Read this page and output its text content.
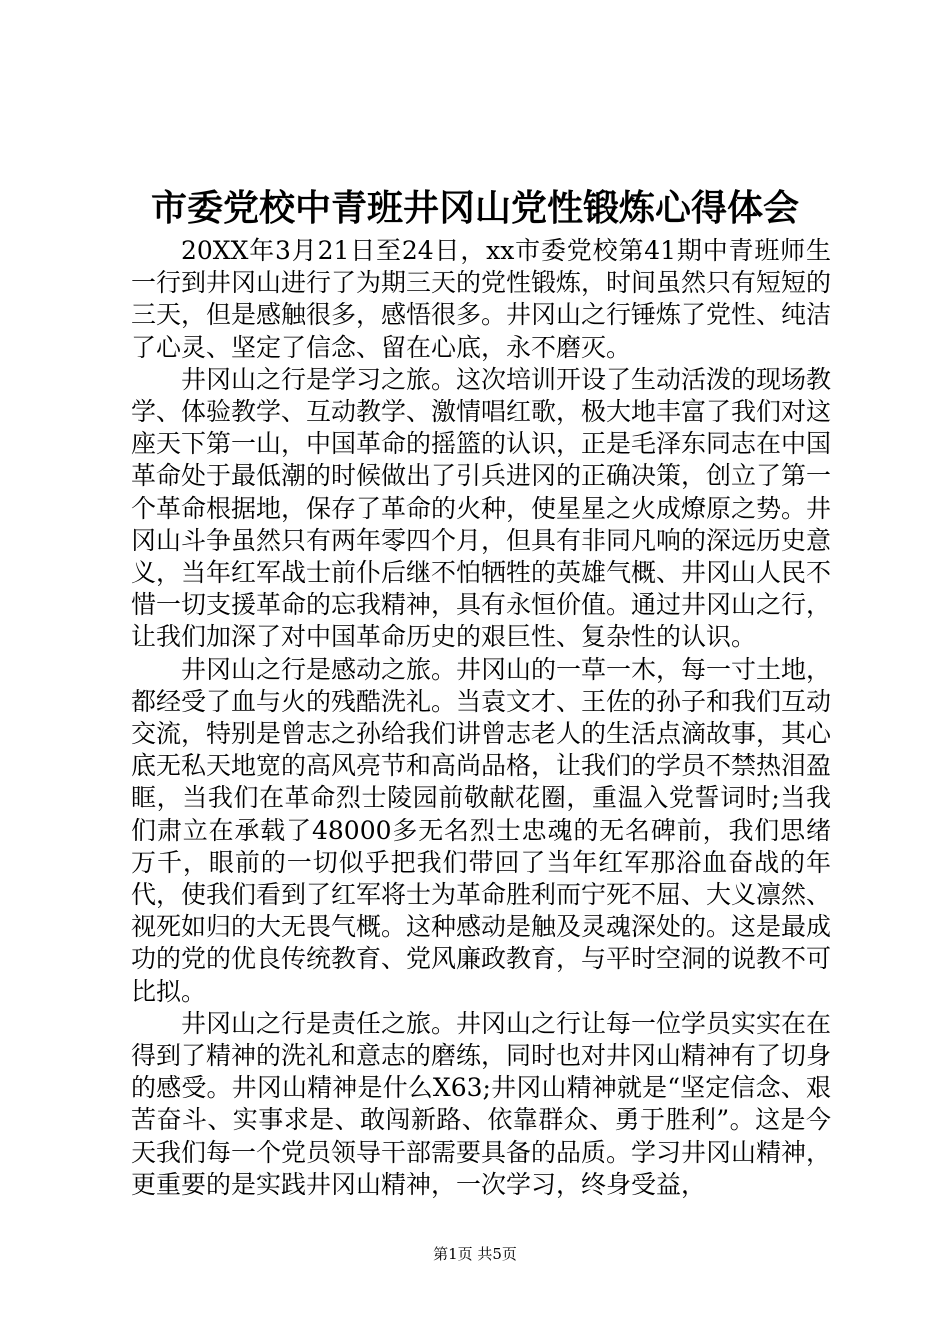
市委党校中青班井冈山党性锻炼心得体会

20XX年3月21日至24日，xx市委党校第41期中青班师生一行到井冈山进行了为期三天的党性锻炼，时间虽然只有短短的三天，但是感触很多，感悟很多。井冈山之行锤炼了党性、纯洁了心灵、坚定了信念、留在心底，永不磨灭。

井冈山之行是学习之旅。这次培训开设了生动活泼的现场教学、体验教学、互动教学、激情唱红歌，极大地丰富了我们对这座天下第一山，中国革命的摇篮的认识，正是毛泽东同志在中国革命处于最低潮的时候做出了引兵进冈的正确决策，创立了第一个革命根据地，保存了革命的火种，使星星之火成燎原之势。井冈山斗争虽然只有两年零四个月，但具有非同凡响的深远历史意义，当年红军战士前仆后继不怕牺牲的英雄气概、井冈山人民不惜一切支援革命的忘我精神，具有永恒价值。通过井冈山之行，让我们加深了对中国革命历史的艰巨性、复杂性的认识。

井冈山之行是感动之旅。井冈山的一草一木，每一寸土地，都经受了血与火的残酷洗礼。当袁文才、王佐的孙子和我们互动交流，特别是曾志之孙给我们讲曾志老人的生活点滴故事，其心底无私天地宽的高风亮节和高尚品格，让我们的学员不禁热泪盈眶，当我们在革命烈士陵园前敬献花圈，重温入党誓词时;当我们肃立在承载了48000多无名烈士忠魂的无名碑前，我们思绪万千，眼前的一切似乎把我们带回了当年红军那浴血奋战的年代，使我们看到了红军将士为革命胜利而宁死不屈、大义凛然、视死如归的大无畏气概。这种感动是触及灵魂深处的。这是最成功的党的优良传统教育、党风廉政教育，与平时空洞的说教不可比拟。

井冈山之行是责任之旅。井冈山之行让每一位学员实实在在得到了精神的洗礼和意志的磨练，同时也对井冈山精神有了切身的感受。井冈山精神是什么X63;井冈山精神就是“坚定信念、艰苦奋斗、实事求是、敢闯新路、依靠群众、勇于胜利”。这是今天我们每一个党员领导干部需要具备的品质。学习井冈山精神，更重要的是实践井冈山精神，一次学习，终身受益，

第1页 共5页
